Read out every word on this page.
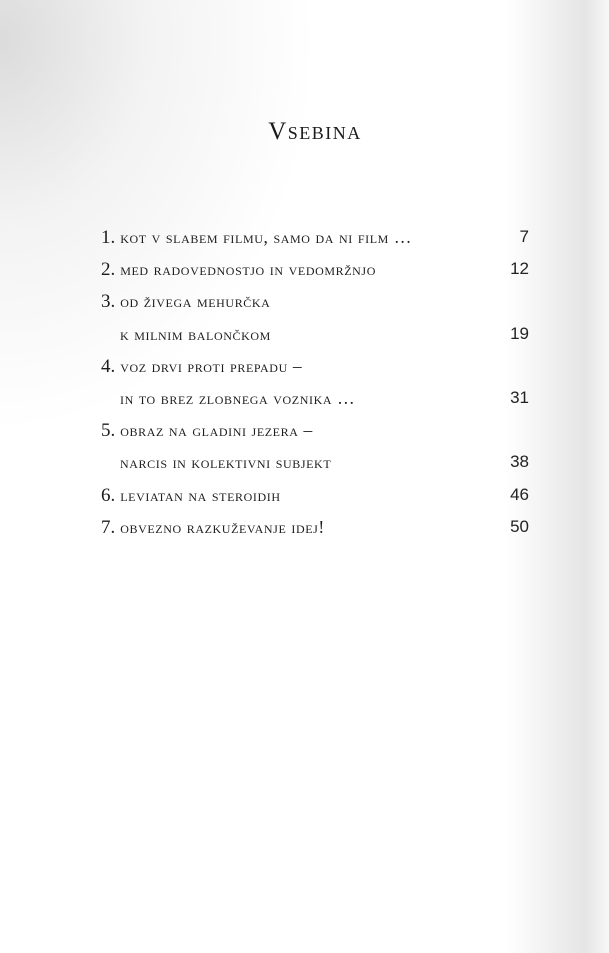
Vsebina
1. kot v slabem filmu, samo da ni film …	7
2. med radovednostjo in vedomržnjo	12
3. od živega mehurčka
k milnim balončkom	19
4. voz drvi proti prepadu –
in to brez zlobnega voznika …	31
5. obraz na gladini jezera –
narcis in kolektivni subjekt	38
6. leviatan na steroidih	46
7. obvezno razkuževanje idej!	50
